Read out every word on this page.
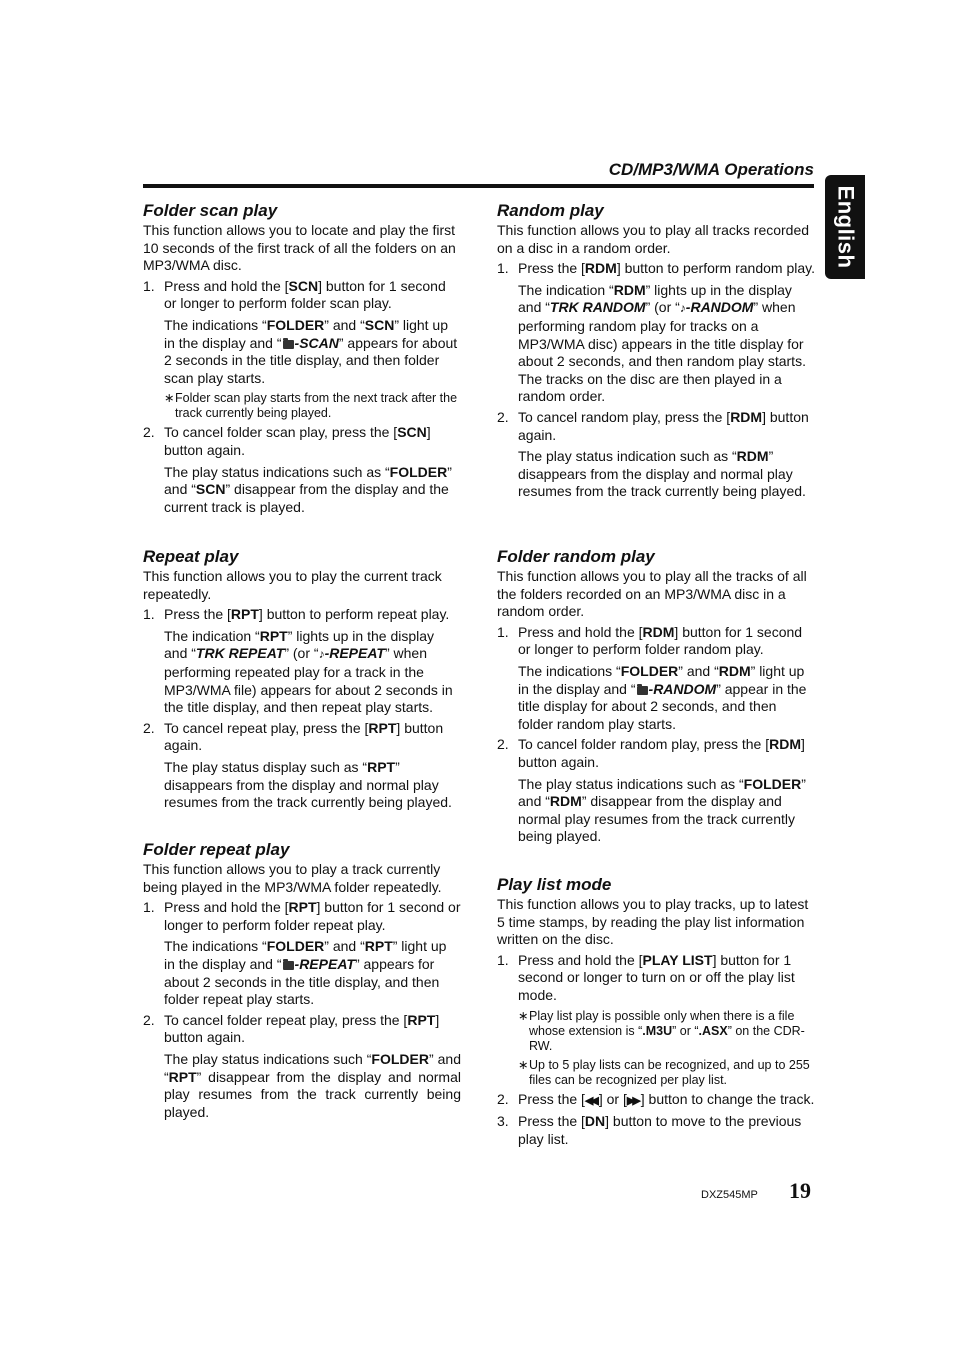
CD/MP3/WMA Operations
English
Folder scan play

This function allows you to locate and play the first 10 seconds of the first track of all the folders on an MP3/WMA disc.

1. Press and hold the [SCN] button for 1 second or longer to perform folder scan play.
The indications “FOLDER” and “SCN” light up in the display and “ -SCAN” appears for about 2 seconds in the title display, and then folder scan play starts.
∗ Folder scan play starts from the next track after the track currently being played.
2. To cancel folder scan play, press the [SCN] button again.
The play status indications such as “FOLDER” and “SCN” disappear from the display and the current track is played.
Repeat play

This function allows you to play the current track repeatedly.

1. Press the [RPT] button to perform repeat play.
The indication “RPT” lights up in the display and “TRK REPEAT” (or “♪-REPEAT” when performing repeated play for a track in the MP3/WMA file) appears for about 2 seconds in the title display, and then repeat play starts.
2. To cancel repeat play, press the [RPT] button again.
The play status display such as “RPT” disappears from the display and normal play resumes from the track currently being played.
Folder repeat play

This function allows you to play a track currently being played in the MP3/WMA folder repeatedly.

1. Press and hold the [RPT] button for 1 second or longer to perform folder repeat play.
The indications “FOLDER” and “RPT” light up in the display and “ -REPEAT” appears for about 2 seconds in the title display, and then folder repeat play starts.
2. To cancel folder repeat play, press the [RPT] button again.
The play status indications such “FOLDER” and “RPT” disappear from the display and normal play resumes from the track currently being played.
Random play

This function allows you to play all tracks recorded on a disc in a random order.

1. Press the [RDM] button to perform random play.
The indication “RDM” lights up in the display and “TRK RANDOM” (or “♪-RANDOM” when performing random play for tracks on a MP3/WMA disc) appears in the title display for about 2 seconds, and then random play starts. The tracks on the disc are then played in a random order.
2. To cancel random play, press the [RDM] button again.
The play status indication such as “RDM” disappears from the display and normal play resumes from the track currently being played.
Folder random play

This function allows you to play all the tracks of all the folders recorded on an MP3/WMA disc in a random order.

1. Press and hold the [RDM] button for 1 second or longer to perform folder random play.
The indications “FOLDER” and “RDM” light up in the display and “ -RANDOM” appear in the title display for about 2 seconds, and then folder random play starts.
2. To cancel folder random play, press the [RDM] button again.
The play status indications such as “FOLDER” and “RDM” disappear from the display and normal play resumes from the track currently being played.
Play list mode

This function allows you to play tracks, up to latest 5 time stamps, by reading the play list information written on the disc.

1. Press and hold the [PLAY LIST] button for 1 second or longer to turn on or off the play list mode.
∗ Play list play is possible only when there is a file whose extension is “.M3U” or “.ASX” on the CDR-RW.
∗ Up to 5 play lists can be recognized, and up to 255 files can be recognized per play list.
2. Press the [◀◀ ] or [▶▶ ] button to change the track.
3. Press the [DN] button to move to the previous play list.
DXZ545MP 19
